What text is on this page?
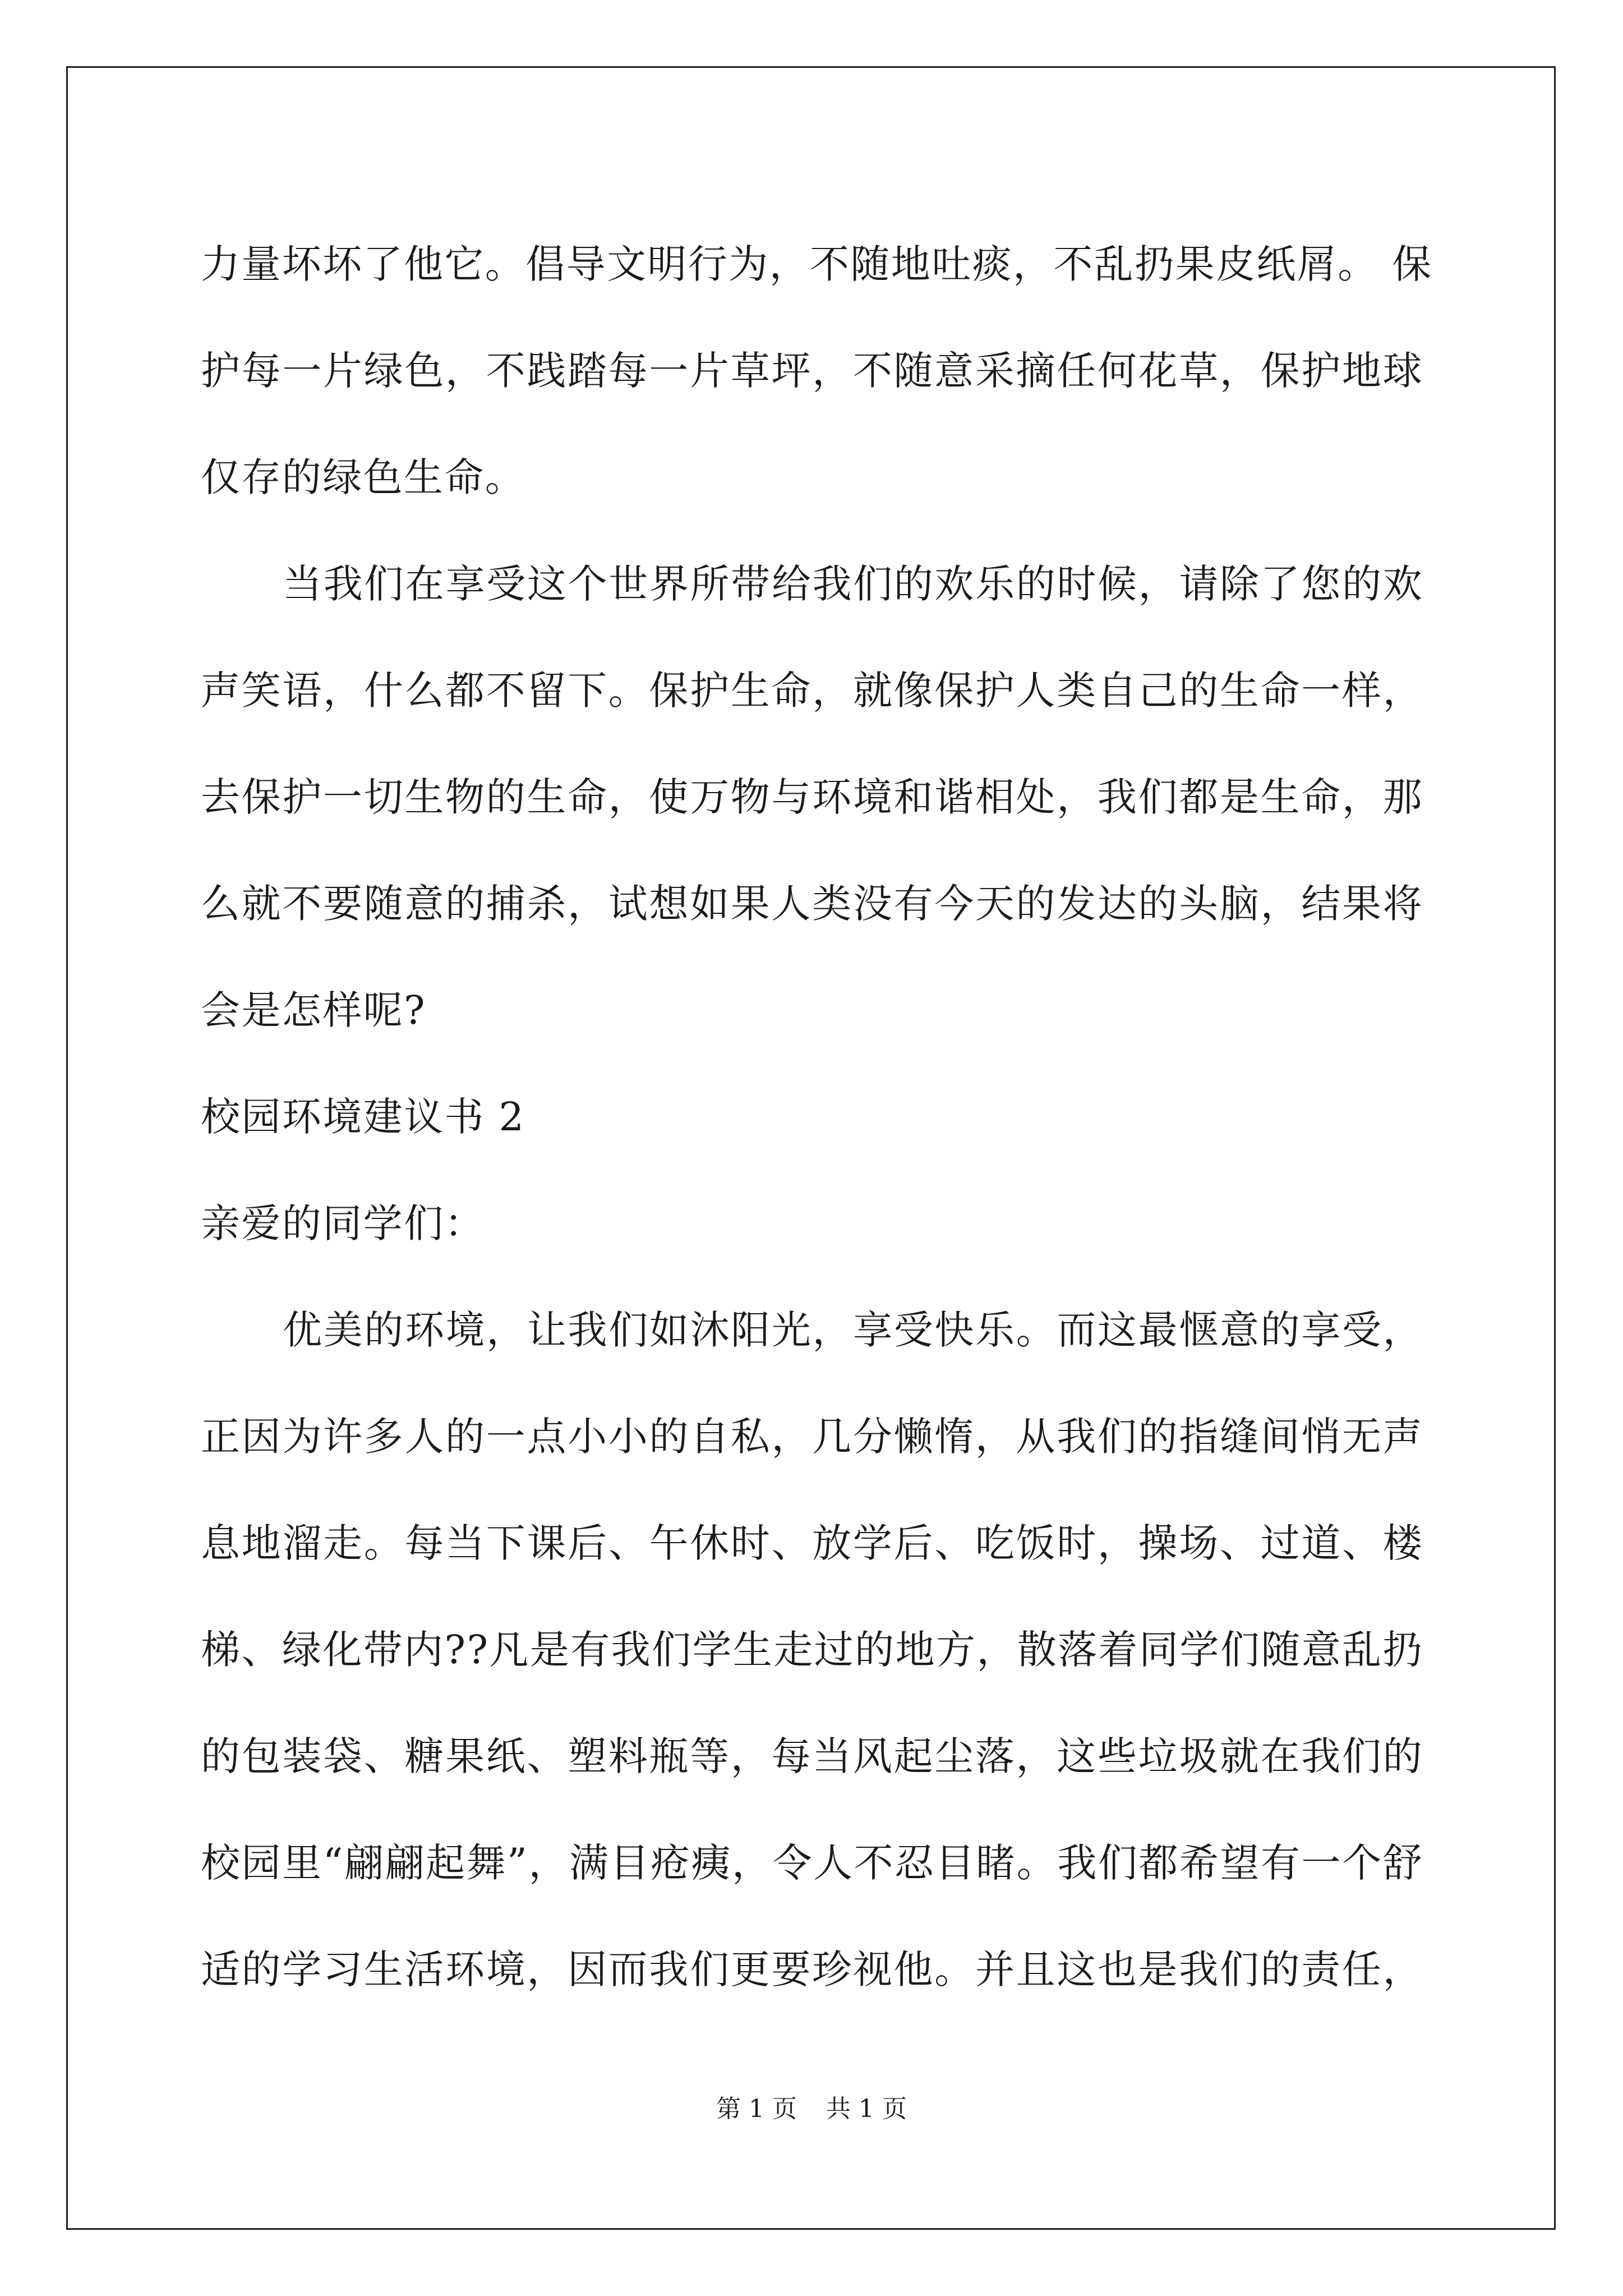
力量坏坏了他它。倡导文明行为，不随地吐痰，不乱扔果皮纸屑。 保
护每一片绿色，不践踏每一片草坪，不随意采摘任何花草，保护地球
仅存的绿色生命。
当我们在享受这个世界所带给我们的欢乐的时候，请除了您的欢
声笑语，什么都不留下。保护生命，就像保护人类自己的生命一样，
去保护一切生物的生命，使万物与环境和谐相处，我们都是生命，那
么就不要随意的捕杀，试想如果人类没有今天的发达的头脑，结果将
会是怎样呢?
校园环境建议书 2
亲爱的同学们：
优美的环境，让我们如沐阳光，享受快乐。而这最惬意的享受，
正因为许多人的一点小小的自私，几分懒惰，从我们的指缝间悄无声
息地溜走。每当下课后、午休时、放学后、吃饭时，操场、过道、楼
梯、绿化带内??凡是有我们学生走过的地方，散落着同学们随意乱扔
的包装袋、糖果纸、塑料瓶等，每当风起尘落，这些垃圾就在我们的
校园里“翩翩起舞”，满目疮痍，令人不忍目睹。我们都希望有一个舒
适的学习生活环境，因而我们更要珍视他。并且这也是我们的责任，
第 1 页 共 1 页
